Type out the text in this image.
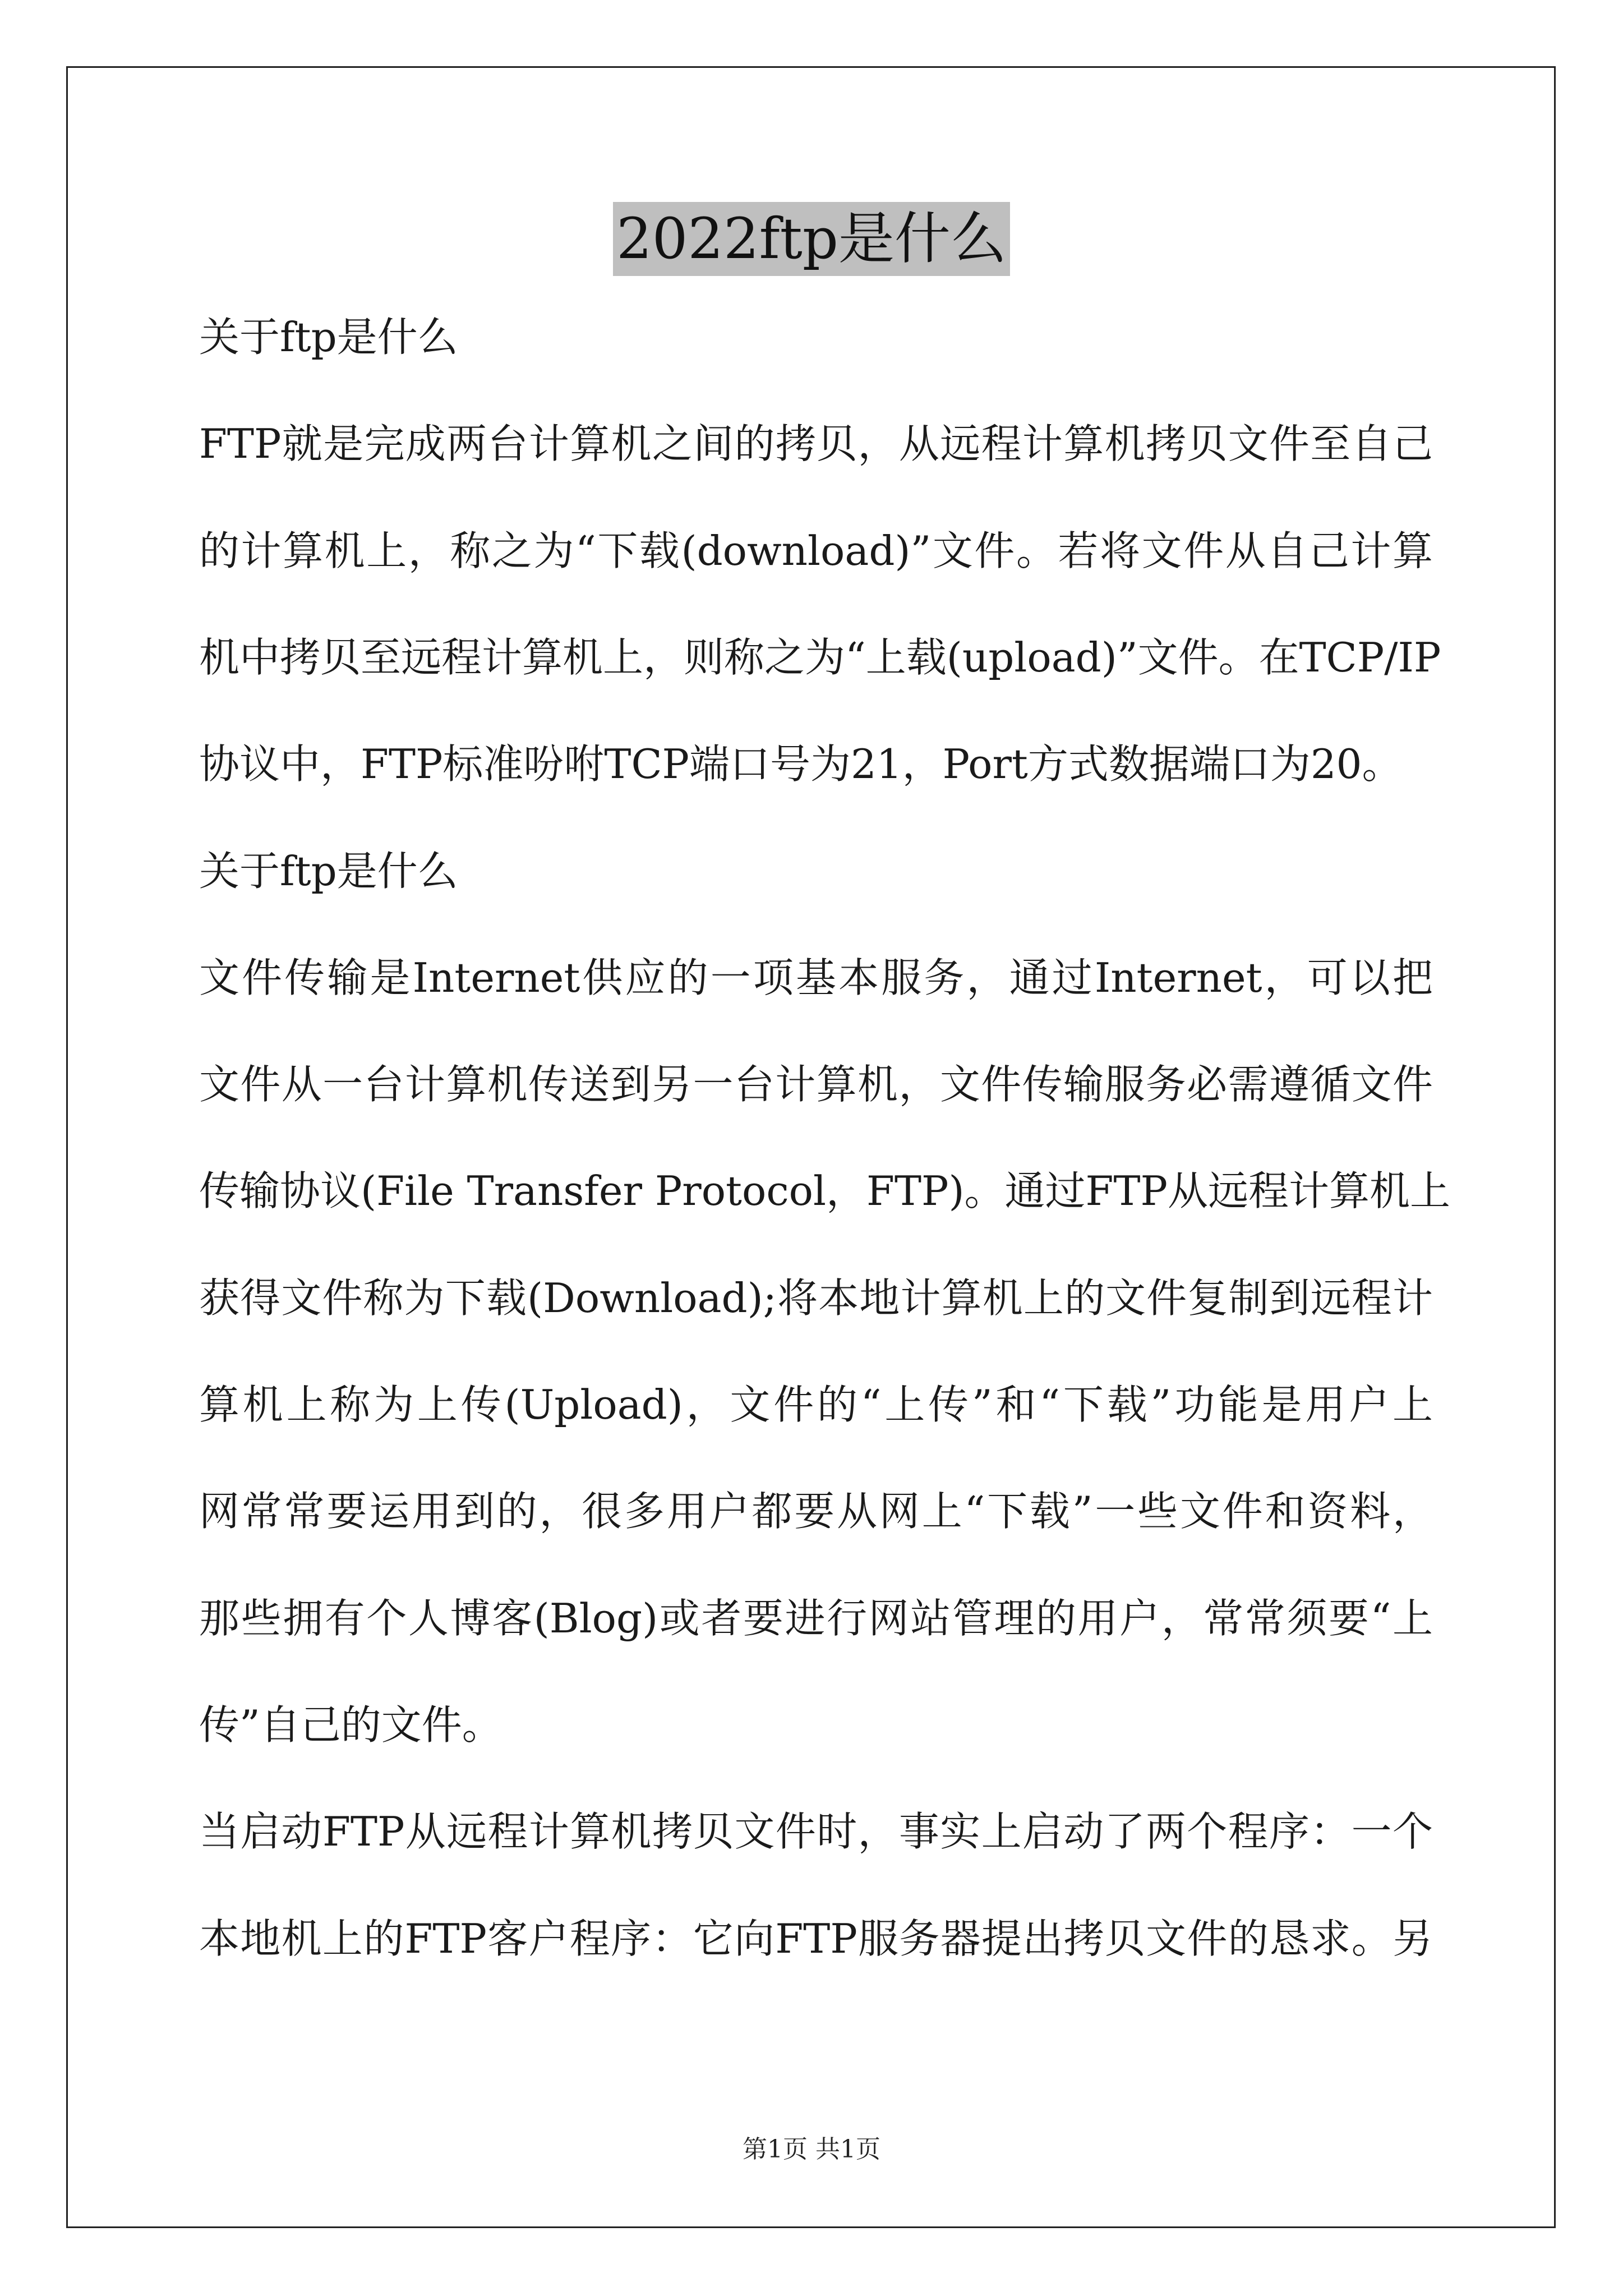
2022ftp是什么
关于ftp是什么
FTP就是完成两台计算机之间的拷贝，从远程计算机拷贝文件至自己
的计算机上，称之为“下载(download)”文件。若将文件从自己计算
机中拷贝至远程计算机上，则称之为“上载(upload)”文件。在TCP/IP
协议中，FTP标准吩咐TCP端口号为21，Port方式数据端口为20。
关于ftp是什么
文件传输是Internet供应的一项基本服务，通过Internet，可以把
文件从一台计算机传送到另一台计算机，文件传输服务必需遵循文件
传输协议(File Transfer Protocol，FTP)。通过FTP从远程计算机上
获得文件称为下载(Download);将本地计算机上的文件复制到远程计
算机上称为上传(Upload)，文件的“上传”和“下载”功能是用户上
网常常要运用到的，很多用户都要从网上“下载”一些文件和资料，
那些拥有个人博客(Blog)或者要进行网站管理的用户，常常须要“上
传”自己的文件。
当启动FTP从远程计算机拷贝文件时，事实上启动了两个程序：一个
本地机上的FTP客户程序：它向FTP服务器提出拷贝文件的恳求。另
第1页 共1页
